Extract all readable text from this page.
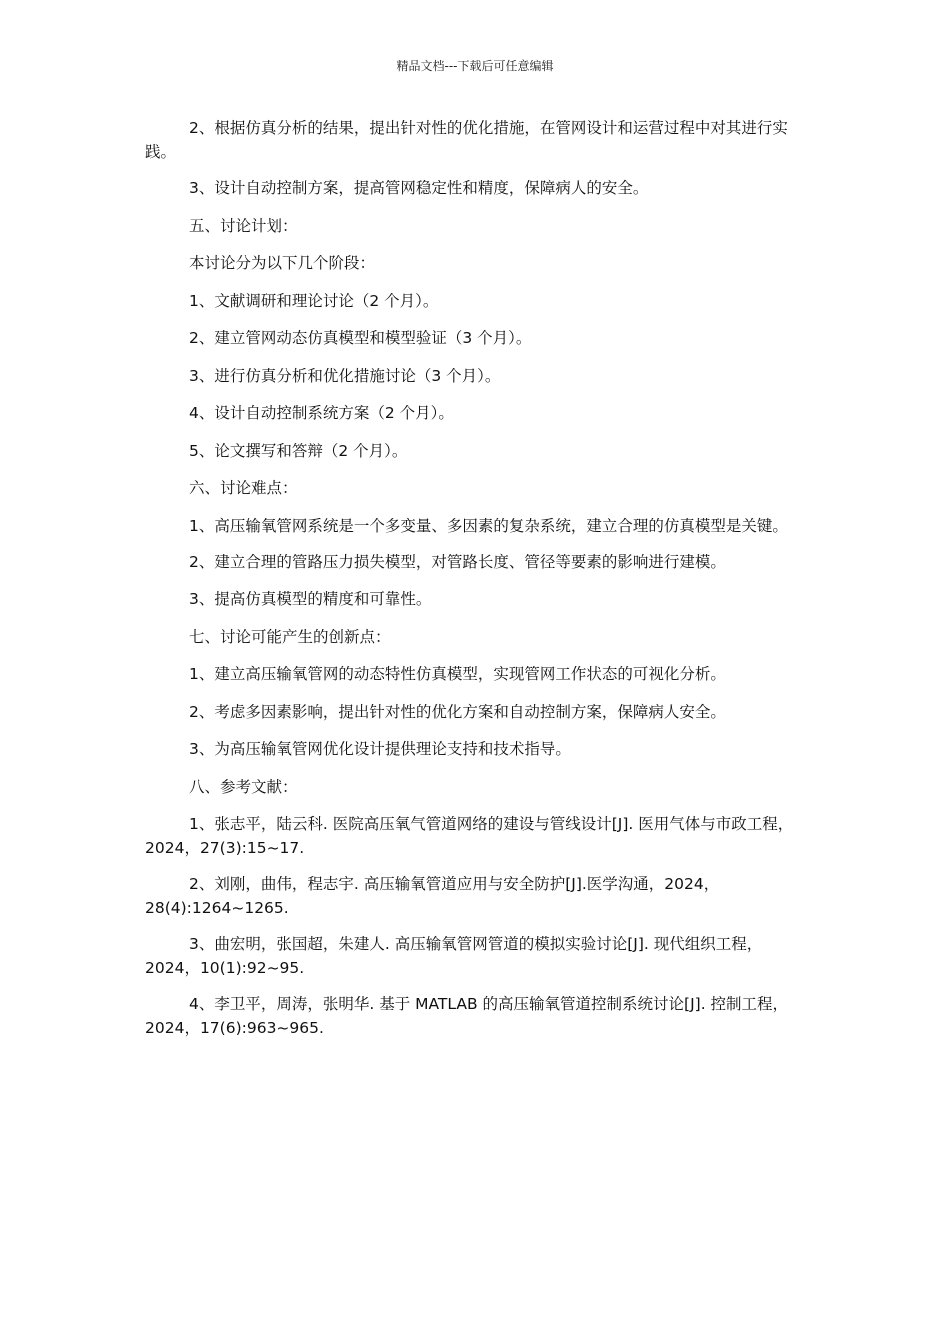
精品文档---下载后可任意编辑

2、根据仿真分析的结果，提出针对性的优化措施，在管网设计和运营过程中对其进行实践。

3、设计自动控制方案，提高管网稳定性和精度，保障病人的安全。

五、讨论计划：

本讨论分为以下几个阶段：

1、文献调研和理论讨论（2 个月）。

2、建立管网动态仿真模型和模型验证（3 个月）。

3、进行仿真分析和优化措施讨论（3 个月）。

4、设计自动控制系统方案（2 个月）。

5、论文撰写和答辩（2 个月）。

六、讨论难点：

1、高压输氧管网系统是一个多变量、多因素的复杂系统，建立合理的仿真模型是关键。

2、建立合理的管路压力损失模型，对管路长度、管径等要素的影响进行建模。

3、提高仿真模型的精度和可靠性。

七、讨论可能产生的创新点：

1、建立高压输氧管网的动态特性仿真模型，实现管网工作状态的可视化分析。

2、考虑多因素影响，提出针对性的优化方案和自动控制方案，保障病人安全。

3、为高压输氧管网优化设计提供理论支持和技术指导。

八、参考文献：

1、张志平，陆云科. 医院高压氧气管道网络的建设与管线设计[J]. 医用气体与市政工程，2024，27(3):15~17.

2、刘刚，曲伟，程志宇. 高压输氧管道应用与安全防护[J].医学沟通，2024，28(4):1264~1265.

3、曲宏明，张国超，朱建人. 高压输氧管网管道的模拟实验讨论[J]. 现代组织工程，2024，10(1):92~95.

4、李卫平，周涛，张明华. 基于 MATLAB 的高压输氧管道控制系统讨论[J]. 控制工程，2024，17(6):963~965.
